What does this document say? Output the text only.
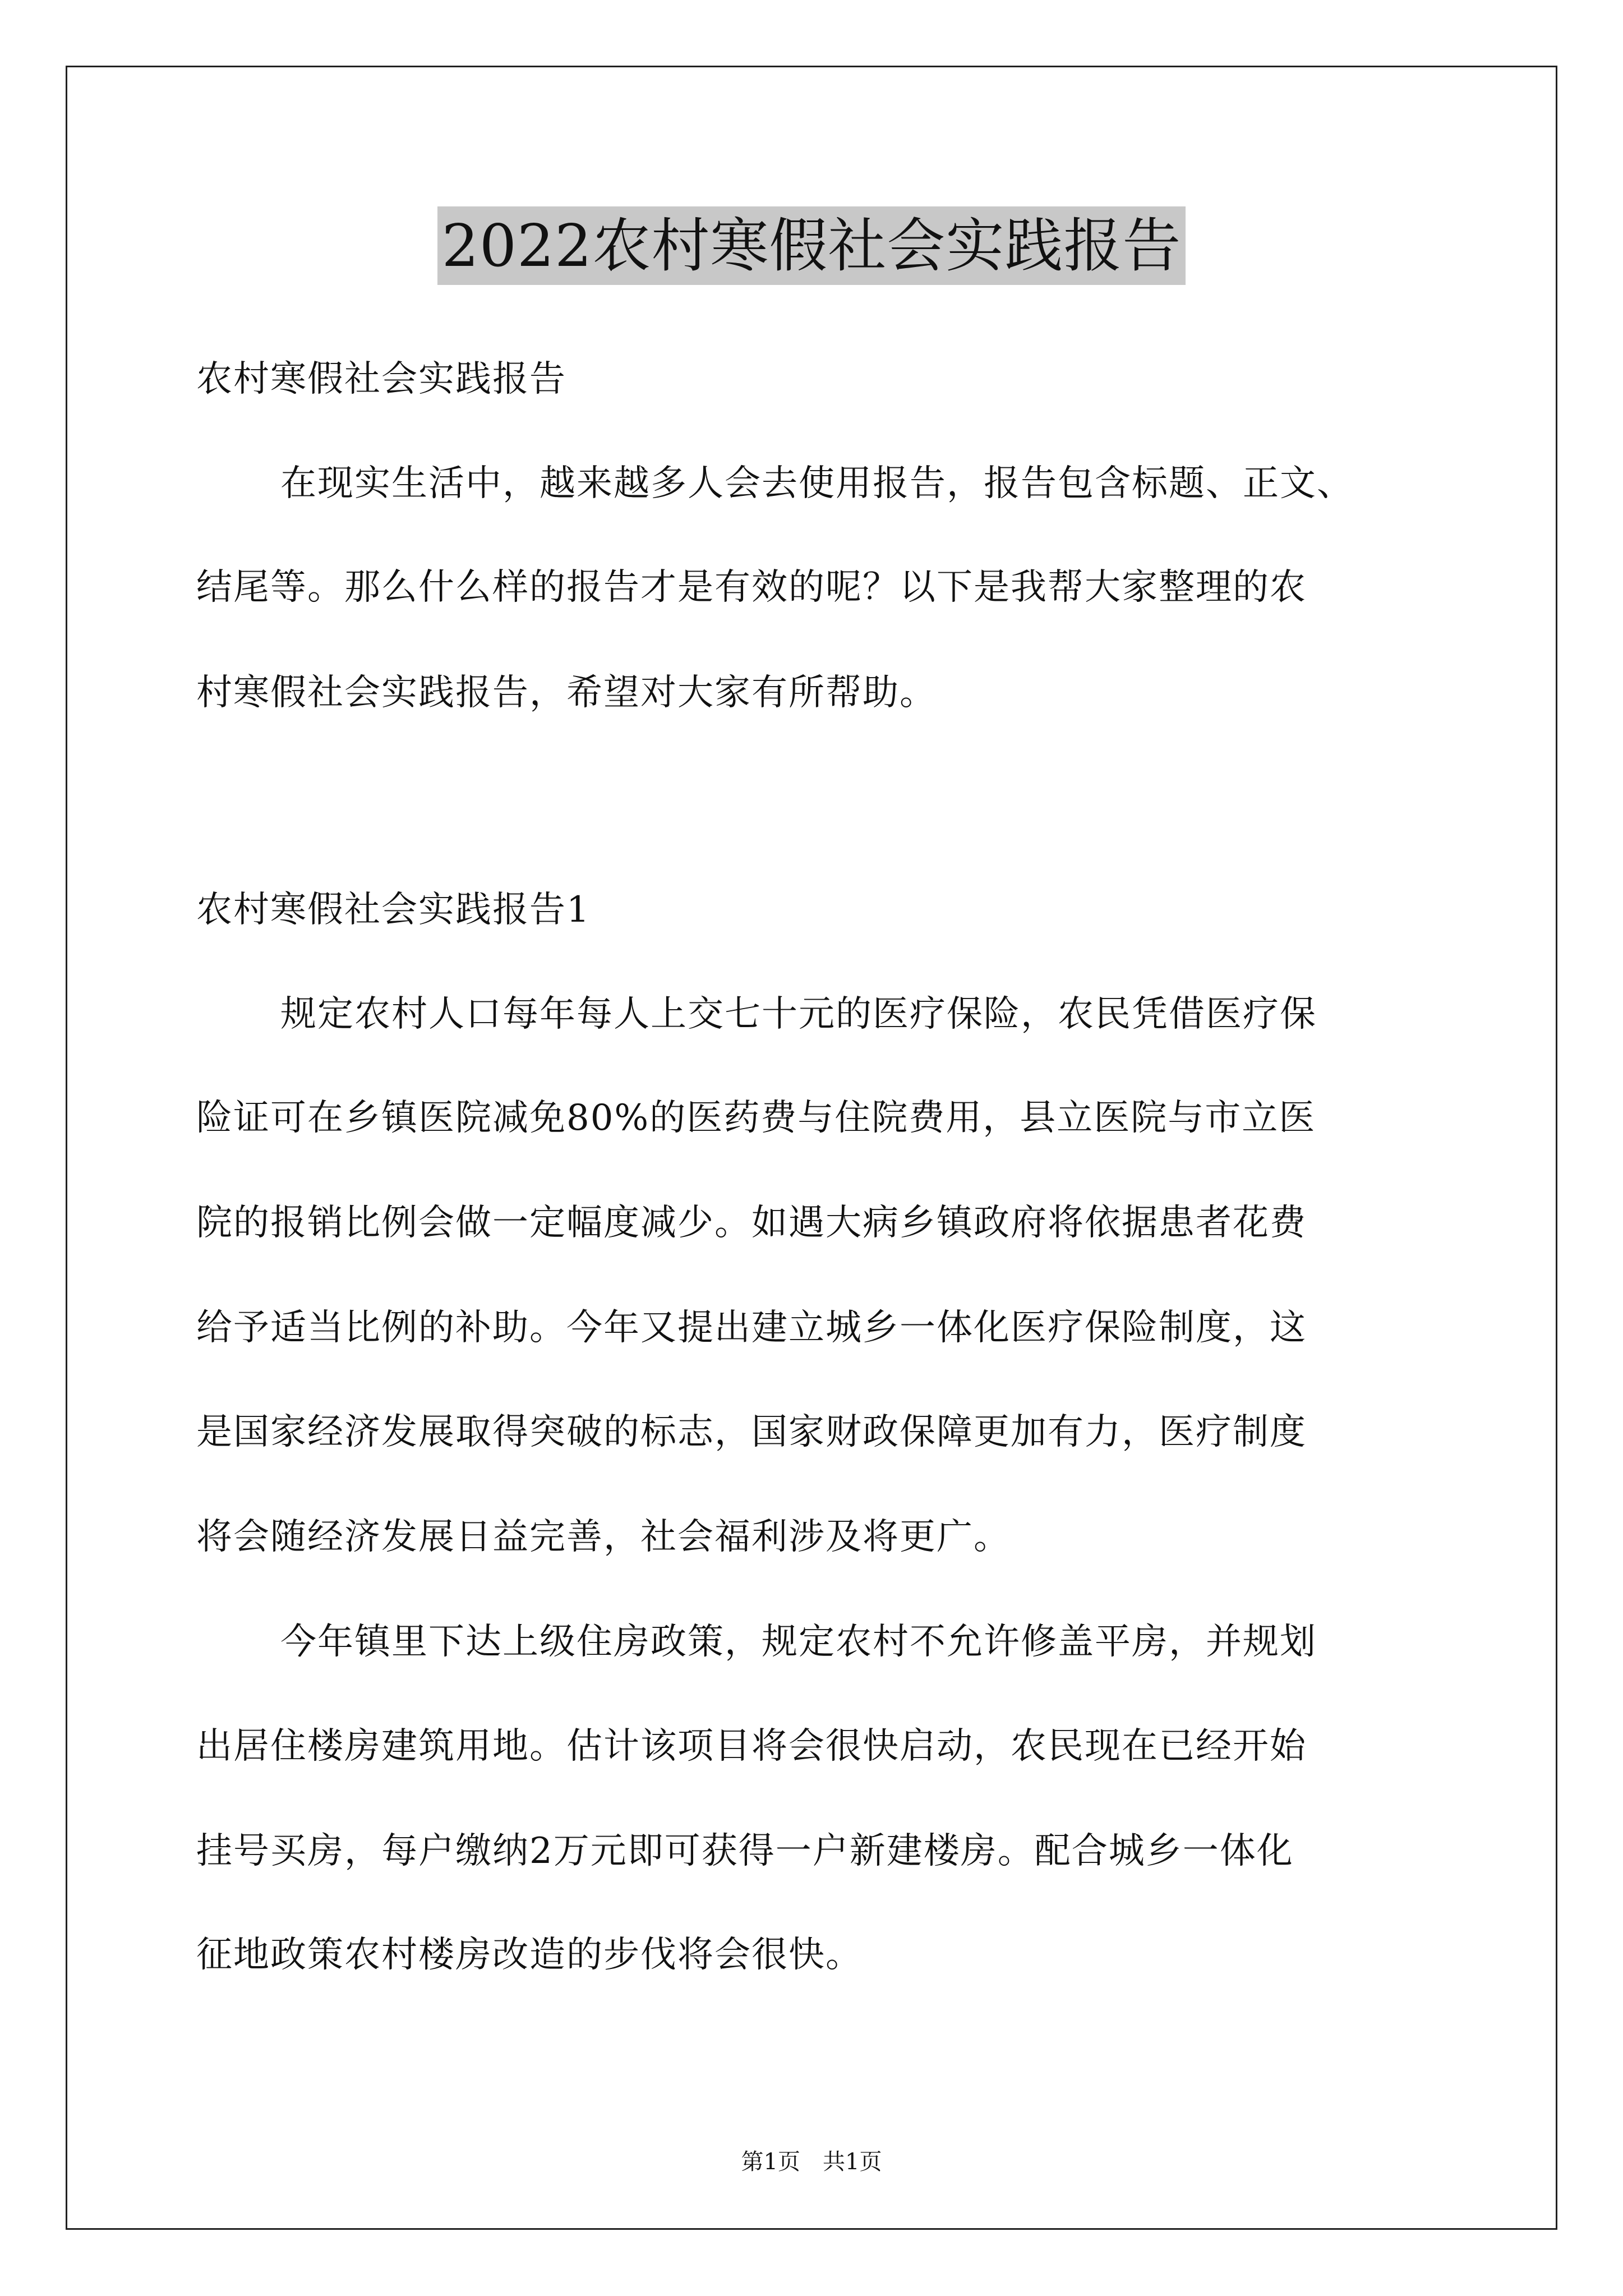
2022农村寒假社会实践报告
农村寒假社会实践报告
在现实生活中，越来越多人会去使用报告，报告包含标题、正文、
结尾等。那么什么样的报告才是有效的呢？以下是我帮大家整理的农
村寒假社会实践报告，希望对大家有所帮助。
农村寒假社会实践报告1
规定农村人口每年每人上交七十元的医疗保险，农民凭借医疗保
险证可在乡镇医院减免80%的医药费与住院费用，县立医院与市立医
院的报销比例会做一定幅度减少。如遇大病乡镇政府将依据患者花费
给予适当比例的补助。今年又提出建立城乡一体化医疗保险制度，这
是国家经济发展取得突破的标志，国家财政保障更加有力，医疗制度
将会随经济发展日益完善，社会福利涉及将更广。
今年镇里下达上级住房政策，规定农村不允许修盖平房，并规划
出居住楼房建筑用地。估计该项目将会很快启动，农民现在已经开始
挂号买房，每户缴纳2万元即可获得一户新建楼房。配合城乡一体化
征地政策农村楼房改造的步伐将会很快。
第1页　共1页
